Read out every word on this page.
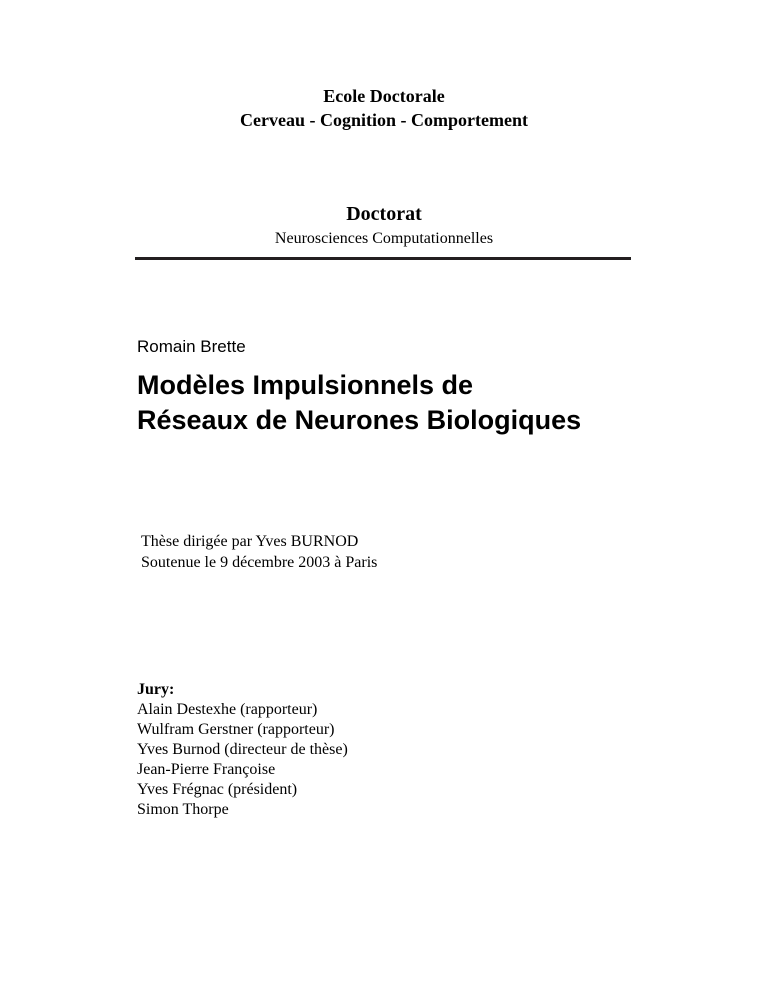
Ecole Doctorale
Cerveau - Cognition - Comportement
Doctorat
Neurosciences Computationnelles
Romain Brette
Modèles Impulsionnels de
Réseaux de Neurones Biologiques
Thèse dirigée par Yves BURNOD
Soutenue le 9 décembre 2003 à Paris
Jury:
Alain Destexhe (rapporteur)
Wulfram Gerstner (rapporteur)
Yves Burnod (directeur de thèse)
Jean-Pierre Françoise
Yves Frégnac (président)
Simon Thorpe
